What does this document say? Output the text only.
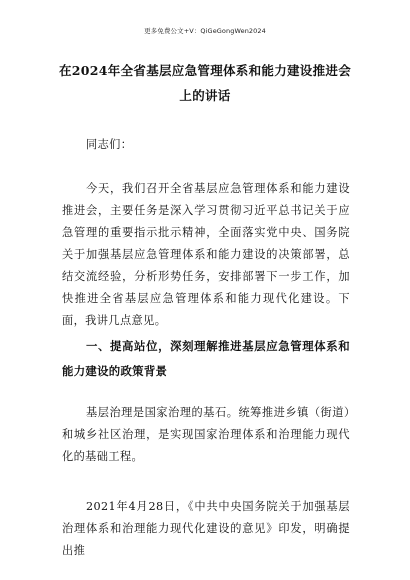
更多免费公文+V：QiGeGongWen2024
在2024年全省基层应急管理体系和能力建设推进会上的讲话
同志们：
今天，我们召开全省基层应急管理体系和能力建设推进会，主要任务是深入学习贯彻习近平总书记关于应急管理的重要指示批示精神，全面落实党中央、国务院关于加强基层应急管理体系和能力建设的决策部署，总结交流经验，分析形势任务，安排部署下一步工作，加快推进全省基层应急管理体系和能力现代化建设。下面，我讲几点意见。
一、提高站位，深刻理解推进基层应急管理体系和能力建设的政策背景
基层治理是国家治理的基石。统筹推进乡镇（街道）和城乡社区治理，是实现国家治理体系和治理能力现代化的基础工程。
2021年4月28日，《中共中央国务院关于加强基层治理体系和治理能力现代化建设的意见》印发，明确提出推
